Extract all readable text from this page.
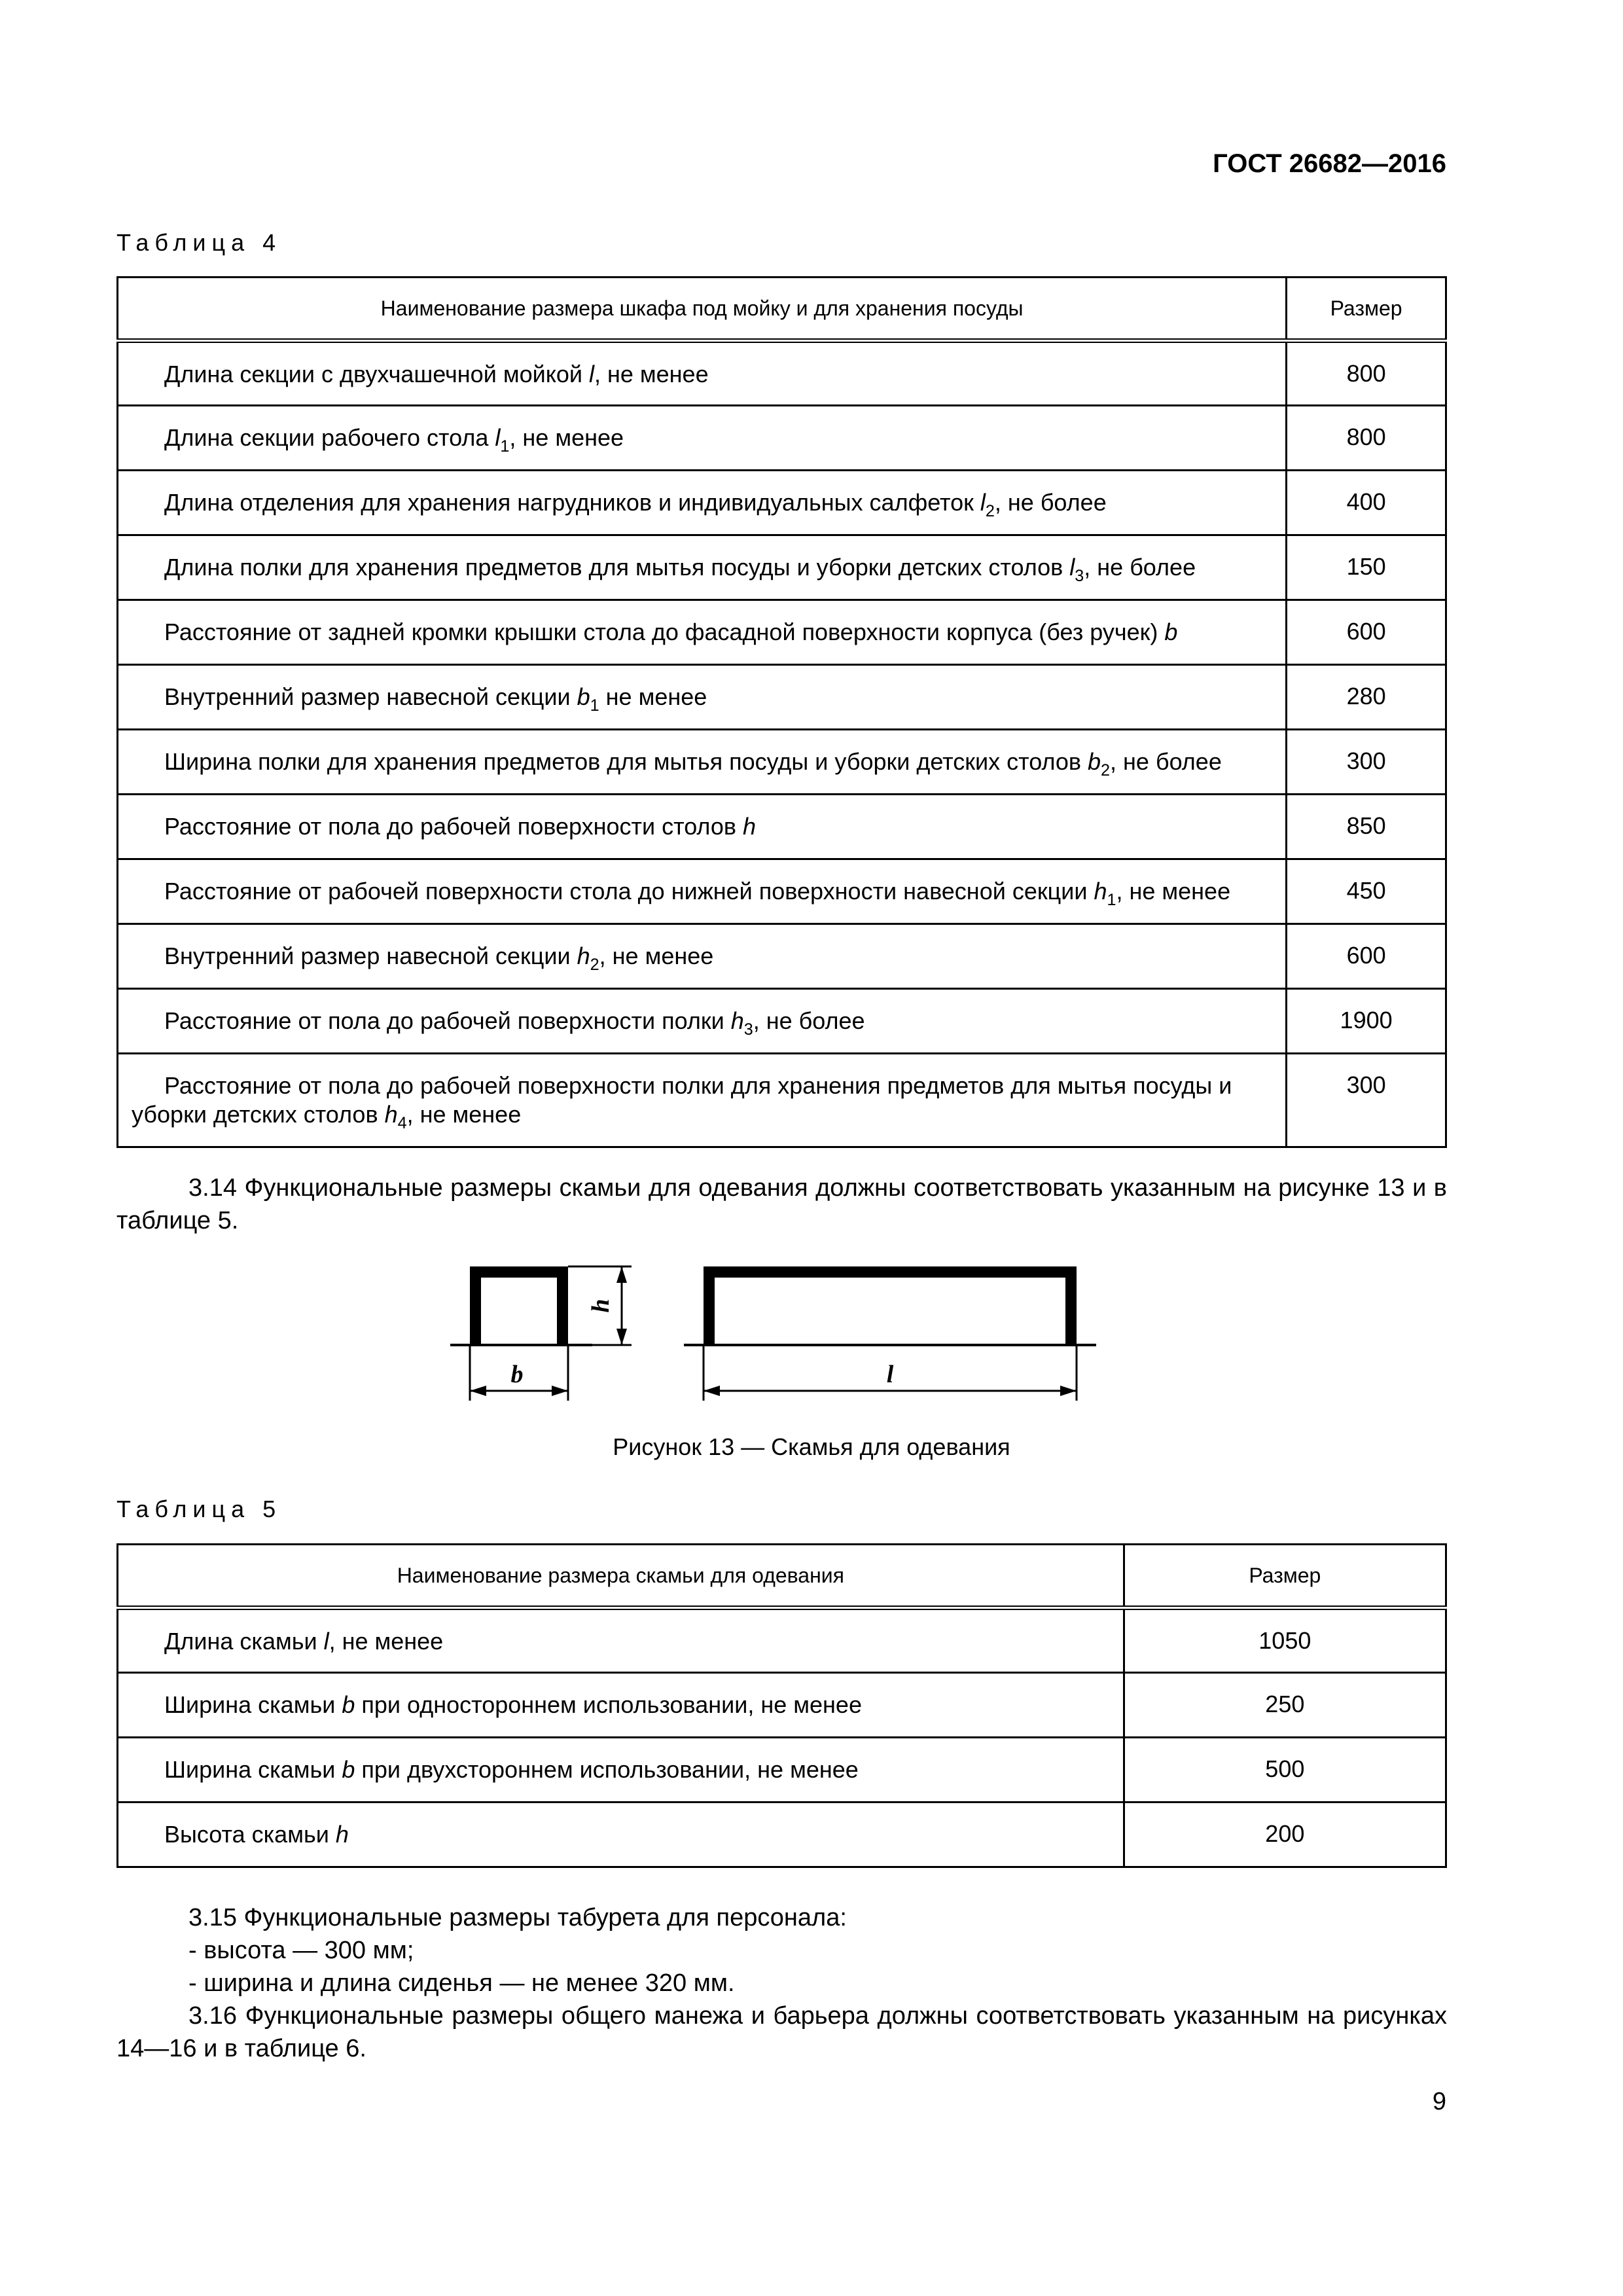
ГОСТ 26682—2016
Таблица 4
Наименование размера шкафа под мойку и для хранения посуды	Размер
Длина секции с двухчашечной мойкой l, не менее	800
Длина секции рабочего стола $l_1$, не менее	800
Длина отделения для хранения нагрудников и индивидуальных салфеток $l_2$, не более	400
Длина полки для хранения предметов для мытья посуды и уборки детских столов $l_3$, не более	150
Расстояние от задней кромки крышки стола до фасадной поверхности корпуса (без ручек) b	600
Внутренний размер навесной секции $b_1$ не менее	280
Ширина полки для хранения предметов для мытья посуды и уборки детских столов $b_2$, не более	300
Расстояние от пола до рабочей поверхности столов h	850
Расстояние от рабочей поверхности стола до нижней поверхности навесной секции $h_1$, не менее	450
Внутренний размер навесной секции $h_2$, не менее	600
Расстояние от пола до рабочей поверхности полки $h_3$, не более	1900
Расстояние от пола до рабочей поверхности полки для хранения предметов для мытья посуды и уборки детских столов $h_4$, не менее	300
3.14 Функциональные размеры скамьи для одевания должны соответствовать указанным на рисунке 13 и в таблице 5.
b
h
l
Рисунок 13 — Скамья для одевания
Таблица 5
Наименование размера скамьи для одевания	Размер
Длина скамьи l, не менее	1050
Ширина скамьи b при одностороннем использовании, не менее	250
Ширина скамьи b при двухстороннем использовании, не менее	500
Высота скамьи h	200
3.15 Функциональные размеры табурета для персонала:
- высота — 300 мм;
- ширина и длина сиденья — не менее 320 мм.
3.16 Функциональные размеры общего манежа и барьера должны соответствовать указанным на рисунках 14—16 и в таблице 6.
9
